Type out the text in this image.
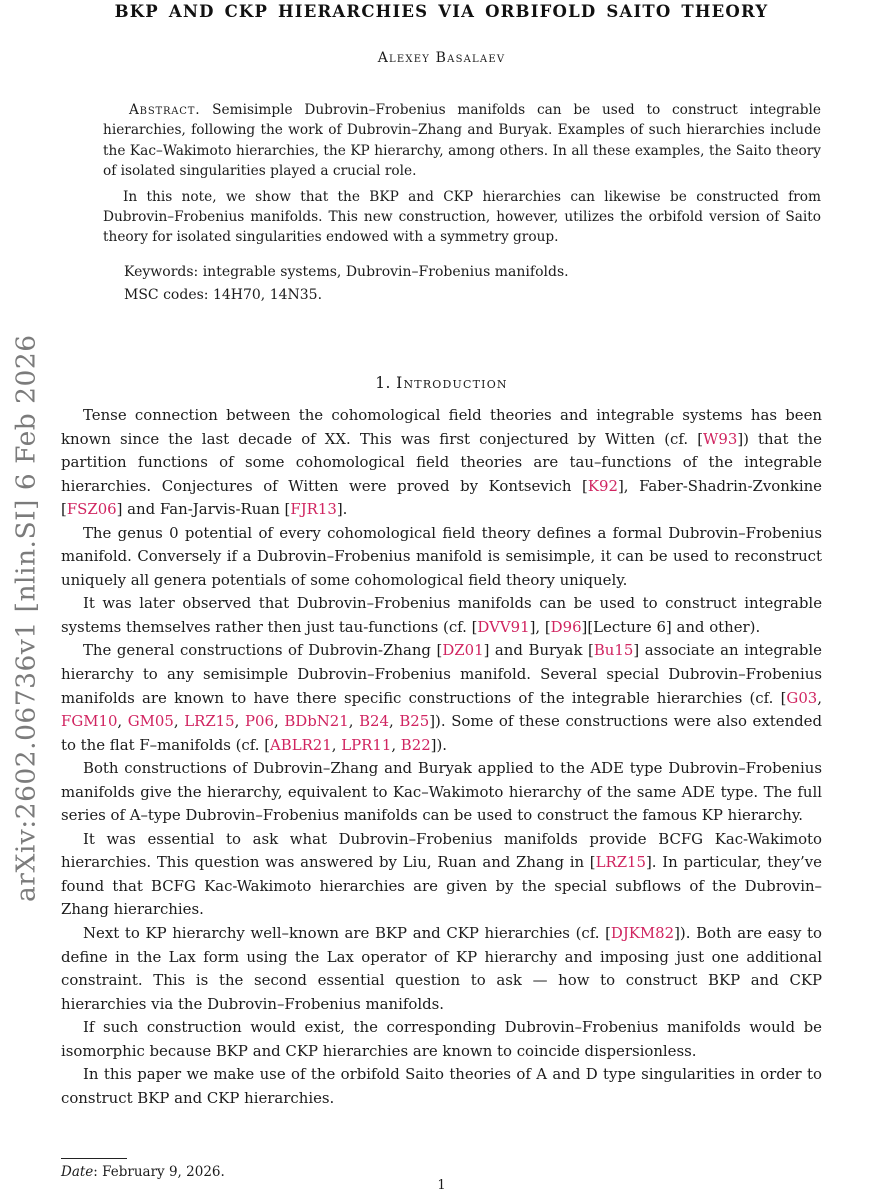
arXiv:2602.06736v1 [nlin.SI] 6 Feb 2026
BKP AND CKP HIERARCHIES VIA ORBIFOLD SAITO THEORY
Alexey Basalaev

Abstract. Semisimple Dubrovin–Frobenius manifolds can be used to construct integrable hierarchies, following the work of Dubrovin–Zhang and Buryak. Examples of such hierarchies include the Kac–Wakimoto hierarchies, the KP hierarchy, among others. In all these examples, the Saito theory of isolated singularities played a crucial role.

In this note, we show that the BKP and CKP hierarchies can likewise be constructed from Dubrovin–Frobenius manifolds. This new construction, however, utilizes the orbifold version of Saito theory for isolated singularities endowed with a symmetry group.

Keywords: integrable systems, Dubrovin–Frobenius manifolds.
MSC codes: 14H70, 14N35.
1. Introduction

Tense connection between the cohomological field theories and integrable systems has been known since the last decade of XX. This was first conjectured by Witten (cf. [W93]) that the partition functions of some cohomological field theories are tau–functions of the integrable hierarchies. Conjectures of Witten were proved by Kontsevich [K92], Faber-Shadrin-Zvonkine [FSZ06] and Fan-Jarvis-Ruan [FJR13].

The genus 0 potential of every cohomological field theory defines a formal Dubrovin–Frobenius manifold. Conversely if a Dubrovin–Frobenius manifold is semisimple, it can be used to reconstruct uniquely all genera potentials of some cohomological field theory uniquely.

It was later observed that Dubrovin–Frobenius manifolds can be used to construct integrable systems themselves rather then just tau-functions (cf. [DVV91], [D96][Lecture 6] and other).

The general constructions of Dubrovin-Zhang [DZ01] and Buryak [Bu15] associate an integrable hierarchy to any semisimple Dubrovin–Frobenius manifold. Several special Dubrovin–Frobenius manifolds are known to have there specific constructions of the integrable hierarchies (cf. [G03, FGM10, GM05, LRZ15, P06, BDbN21, B24, B25]). Some of these constructions were also extended to the flat F–manifolds (cf. [ABLR21, LPR11, B22]).

Both constructions of Dubrovin–Zhang and Buryak applied to the ADE type Dubrovin–Frobenius manifolds give the hierarchy, equivalent to Kac–Wakimoto hierarchy of the same ADE type. The full series of A–type Dubrovin–Frobenius manifolds can be used to construct the famous KP hierarchy.

It was essential to ask what Dubrovin–Frobenius manifolds provide BCFG Kac-Wakimoto hierarchies. This question was answered by Liu, Ruan and Zhang in [LRZ15]. In particular, they’ve found that BCFG Kac-Wakimoto hierarchies are given by the special subflows of the Dubrovin–Zhang hierarchies.

Next to KP hierarchy well–known are BKP and CKP hierarchies (cf. [DJKM82]). Both are easy to define in the Lax form using the Lax operator of KP hierarchy and imposing just one additional constraint. This is the second essential question to ask — how to construct BKP and CKP hierarchies via the Dubrovin–Frobenius manifolds.

If such construction would exist, the corresponding Dubrovin–Frobenius manifolds would be isomorphic because BKP and CKP hierarchies are known to coincide dispersionless.

In this paper we make use of the orbifold Saito theories of A and D type singularities in order to construct BKP and CKP hierarchies.

Date: February 9, 2026.
1
